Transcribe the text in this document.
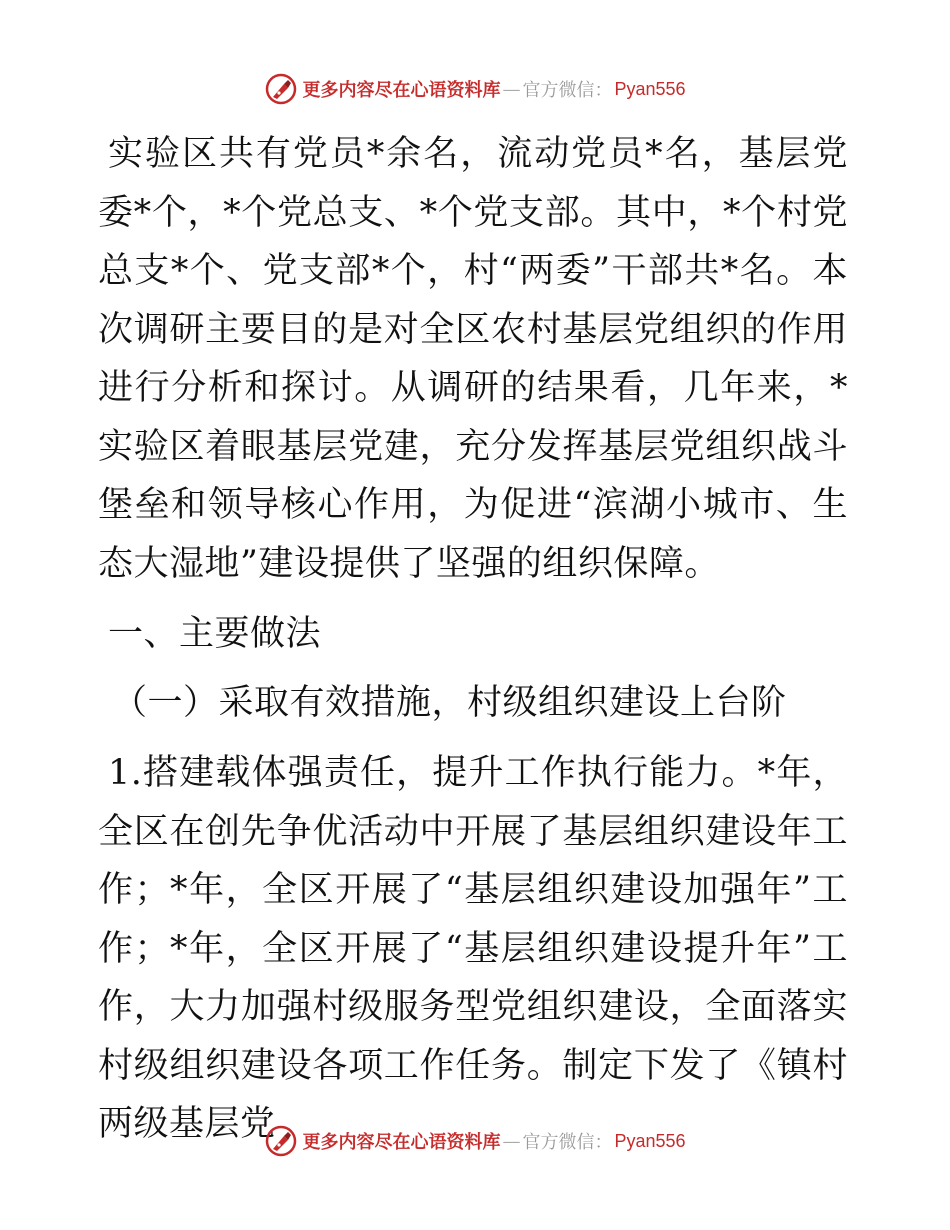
更多内容尽在心语资料库 — 官方微信： Pyan556

实验区共有党员*余名，流动党员*名，基层党委*个，*个党总支、*个党支部。其中，*个村党总支*个、党支部*个，村“两委”干部共*名。本次调研主要目的是对全区农村基层党组织的作用进行分析和探讨。从调研的结果看，几年来，*实验区着眼基层党建，充分发挥基层党组织战斗堡垒和领导核心作用，为促进“滨湖小城市、生态大湿地”建设提供了坚强的组织保障。

一、主要做法

（一）采取有效措施，村级组织建设上台阶

1.搭建载体强责任，提升工作执行能力。*年，全区在创先争优活动中开展了基层组织建设年工作；*年，全区开展了“基层组织建设加强年”工作；*年，全区开展了“基层组织建设提升年”工作，大力加强村级服务型党组织建设，全面落实村级组织建设各项工作任务。制定下发了《镇村两级基层党	更多内容尽在心语资料库 — 官方微信： Pyan556
